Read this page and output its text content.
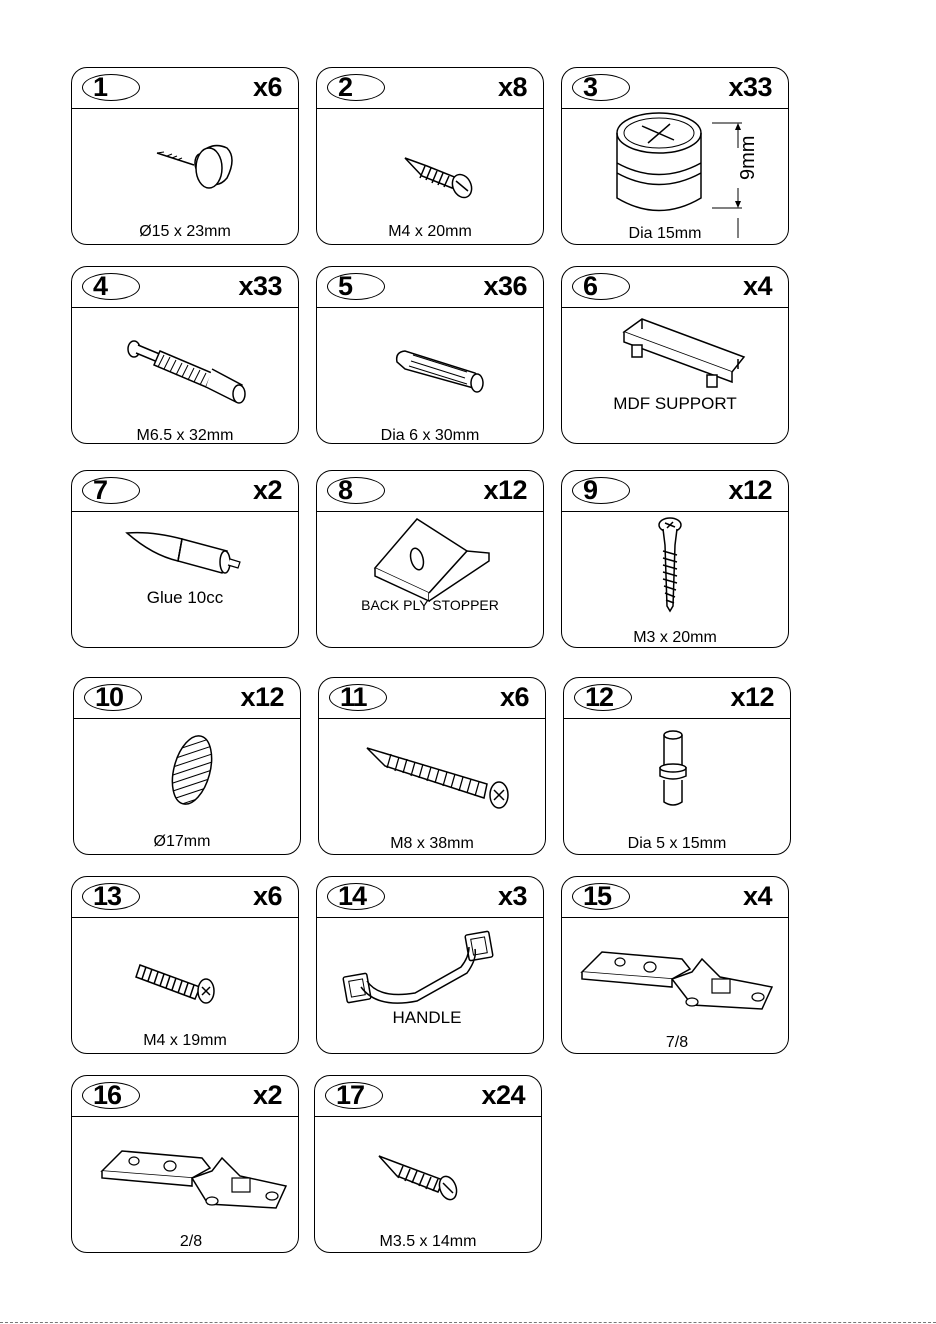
1	x6
Ø15 x 23mm
2	x8
M4 x 20mm
3	x33
9mm
Dia 15mm
4	x33
M6.5 x 32mm
5	x36
Dia 6 x 30mm
6	x4
MDF SUPPORT
7	x2
Glue 10cc
8	x12
BACK PLY STOPPER
9	x12
M3 x 20mm
10	x12
Ø17mm
11	x6
M8 x 38mm
12	x12
Dia 5 x 15mm
13	x6
M4 x 19mm
14	x3
HANDLE
15	x4
7/8
16	x2
2/8
17	x24
M3.5 x 14mm
